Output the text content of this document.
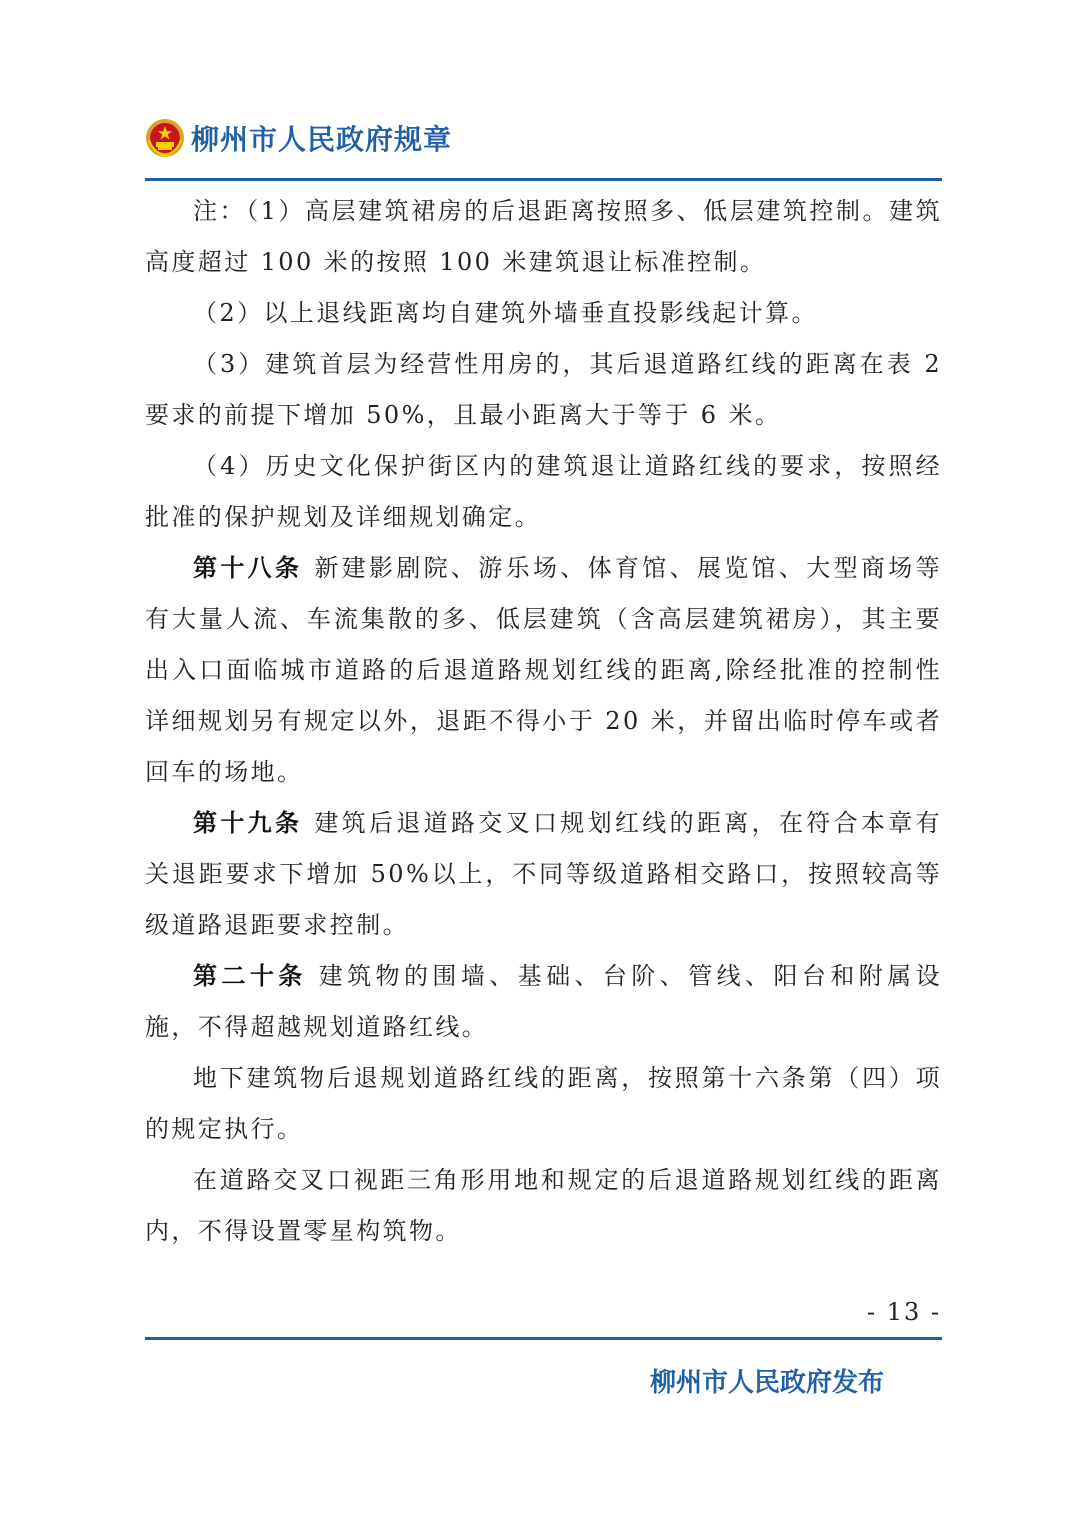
柳州市人民政府规章

注：（1）高层建筑裙房的后退距离按照多、低层建筑控制。建筑高度超过 100 米的按照 100 米建筑退让标准控制。

（2）以上退线距离均自建筑外墙垂直投影线起计算。

（3）建筑首层为经营性用房的，其后退道路红线的距离在表 2 要求的前提下增加 50%，且最小距离大于等于 6 米。

（4）历史文化保护街区内的建筑退让道路红线的要求，按照经批准的保护规划及详细规划确定。

第十八条 新建影剧院、游乐场、体育馆、展览馆、大型商场等有大量人流、车流集散的多、低层建筑（含高层建筑裙房），其主要出入口面临城市道路的后退道路规划红线的距离,除经批准的控制性详细规划另有规定以外，退距不得小于 20 米，并留出临时停车或者回车的场地。

第十九条 建筑后退道路交叉口规划红线的距离，在符合本章有关退距要求下增加 50%以上，不同等级道路相交路口，按照较高等级道路退距要求控制。

第二十条 建筑物的围墙、基础、台阶、管线、阳台和附属设施，不得超越规划道路红线。

地下建筑物后退规划道路红线的距离，按照第十六条第（四）项的规定执行。

在道路交叉口视距三角形用地和规定的后退道路规划红线的距离内，不得设置零星构筑物。

- 13 -
柳州市人民政府发布
